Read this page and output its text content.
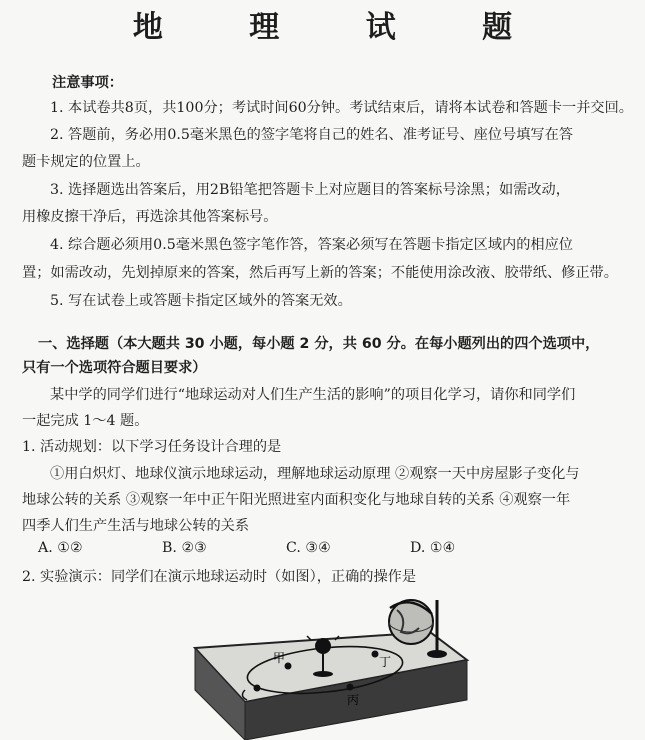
地 理 试 题
注意事项：
1. 本试卷共8页，共100分；考试时间60分钟。考试结束后，请将本试卷和答题卡一并交回。
2. 答题前，务必用0.5毫米黑色的签字笔将自己的姓名、准考证号、座位号填写在答
题卡规定的位置上。
3. 选择题选出答案后，用2B铅笔把答题卡上对应题目的答案标号涂黑；如需改动，
用橡皮擦干净后，再选涂其他答案标号。
4. 综合题必须用0.5毫米黑色签字笔作答，答案必须写在答题卡指定区域内的相应位
置；如需改动，先划掉原来的答案，然后再写上新的答案；不能使用涂改液、胶带纸、修正带。
5. 写在试卷上或答题卡指定区域外的答案无效。
一、选择题（本大题共 30 小题，每小题 2 分，共 60 分。在每小题列出的四个选项中，
只有一个选项符合题目要求）
某中学的同学们进行“地球运动对人们生产生活的影响”的项目化学习，请你和同学们
一起完成 1～4 题。
1. 活动规划：以下学习任务设计合理的是
①用白炽灯、地球仪演示地球运动，理解地球运动原理 ②观察一天中房屋影子变化与
地球公转的关系 ③观察一年中正午阳光照进室内面积变化与地球自转的关系 ④观察一年
四季人们生产生活与地球公转的关系
A. ①②	B. ②③	C. ③④	D. ①④
2. 实验演示：同学们在演示地球运动时（如图），正确的操作是
甲	丁
丙
